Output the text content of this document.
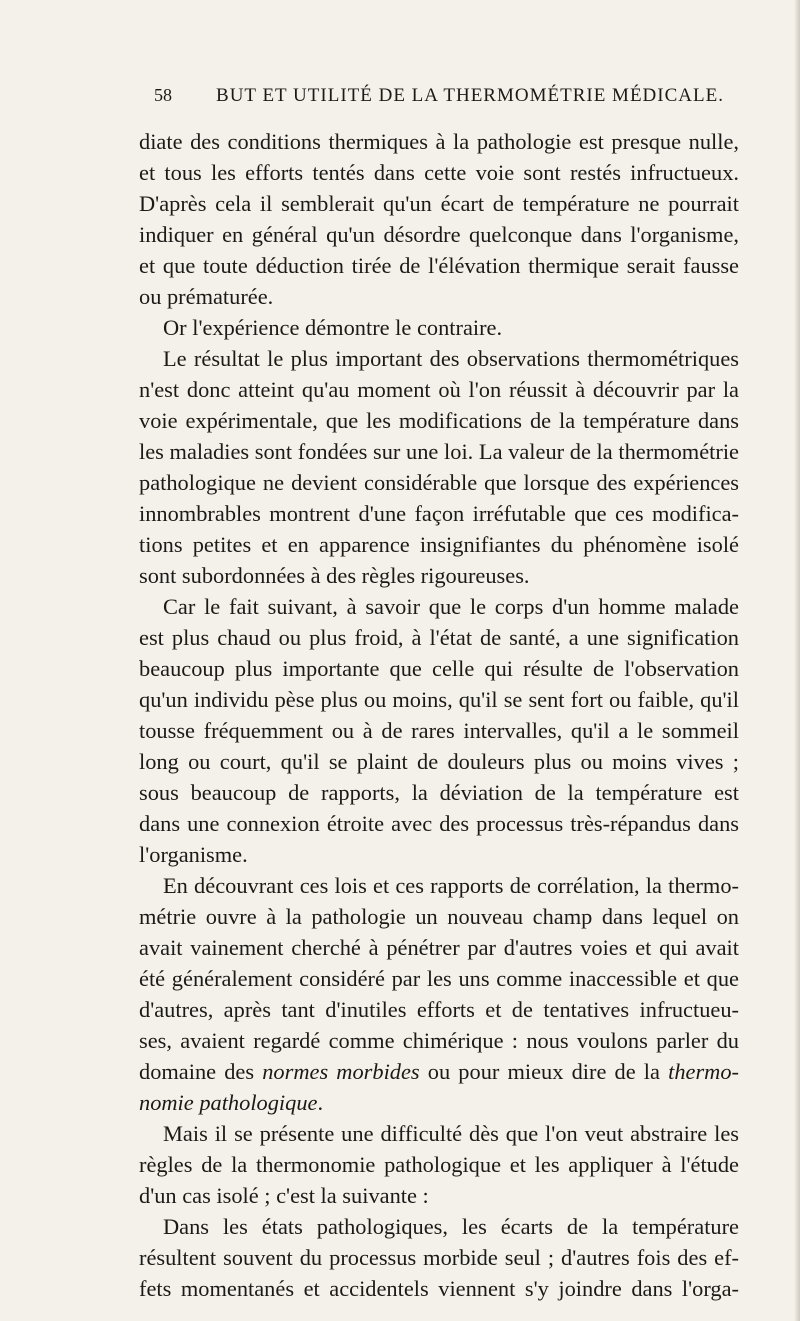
58	BUT ET UTILITÉ DE LA THERMOMÉTRIE MÉDICALE.
diate des conditions thermiques à la pathologie est presque nulle,
et tous les efforts tentés dans cette voie sont restés infructueux.
D'après cela il semblerait qu'un écart de température ne pourrait
indiquer en général qu'un désordre quelconque dans l'organisme,
et que toute déduction tirée de l'élévation thermique serait fausse
ou prématurée.
Or l'expérience démontre le contraire.
Le résultat le plus important des observations thermométriques
n'est donc atteint qu'au moment où l'on réussit à découvrir par la
voie expérimentale, que les modifications de la température dans
les maladies sont fondées sur une loi. La valeur de la thermométrie
pathologique ne devient considérable que lorsque des expériences
innombrables montrent d'une façon irréfutable que ces modifica-
tions petites et en apparence insignifiantes du phénomène isolé
sont subordonnées à des règles rigoureuses.
Car le fait suivant, à savoir que le corps d'un homme malade
est plus chaud ou plus froid, à l'état de santé, a une signification
beaucoup plus importante que celle qui résulte de l'observation
qu'un individu pèse plus ou moins, qu'il se sent fort ou faible, qu'il
tousse fréquemment ou à de rares intervalles, qu'il a le sommeil
long ou court, qu'il se plaint de douleurs plus ou moins vives ;
sous beaucoup de rapports, la déviation de la température est
dans une connexion étroite avec des processus très-répandus dans
l'organisme.
En découvrant ces lois et ces rapports de corrélation, la thermo-
métrie ouvre à la pathologie un nouveau champ dans lequel on
avait vainement cherché à pénétrer par d'autres voies et qui avait
été généralement considéré par les uns comme inaccessible et que
d'autres, après tant d'inutiles efforts et de tentatives infructueu-
ses, avaient regardé comme chimérique : nous voulons parler du
domaine des normes morbides ou pour mieux dire de la thermo-
nomie pathologique.
Mais il se présente une difficulté dès que l'on veut abstraire les
règles de la thermonomie pathologique et les appliquer à l'étude
d'un cas isolé ; c'est la suivante :
Dans les états pathologiques, les écarts de la température
résultent souvent du processus morbide seul ; d'autres fois des ef-
fets momentanés et accidentels viennent s'y joindre dans l'orga-
